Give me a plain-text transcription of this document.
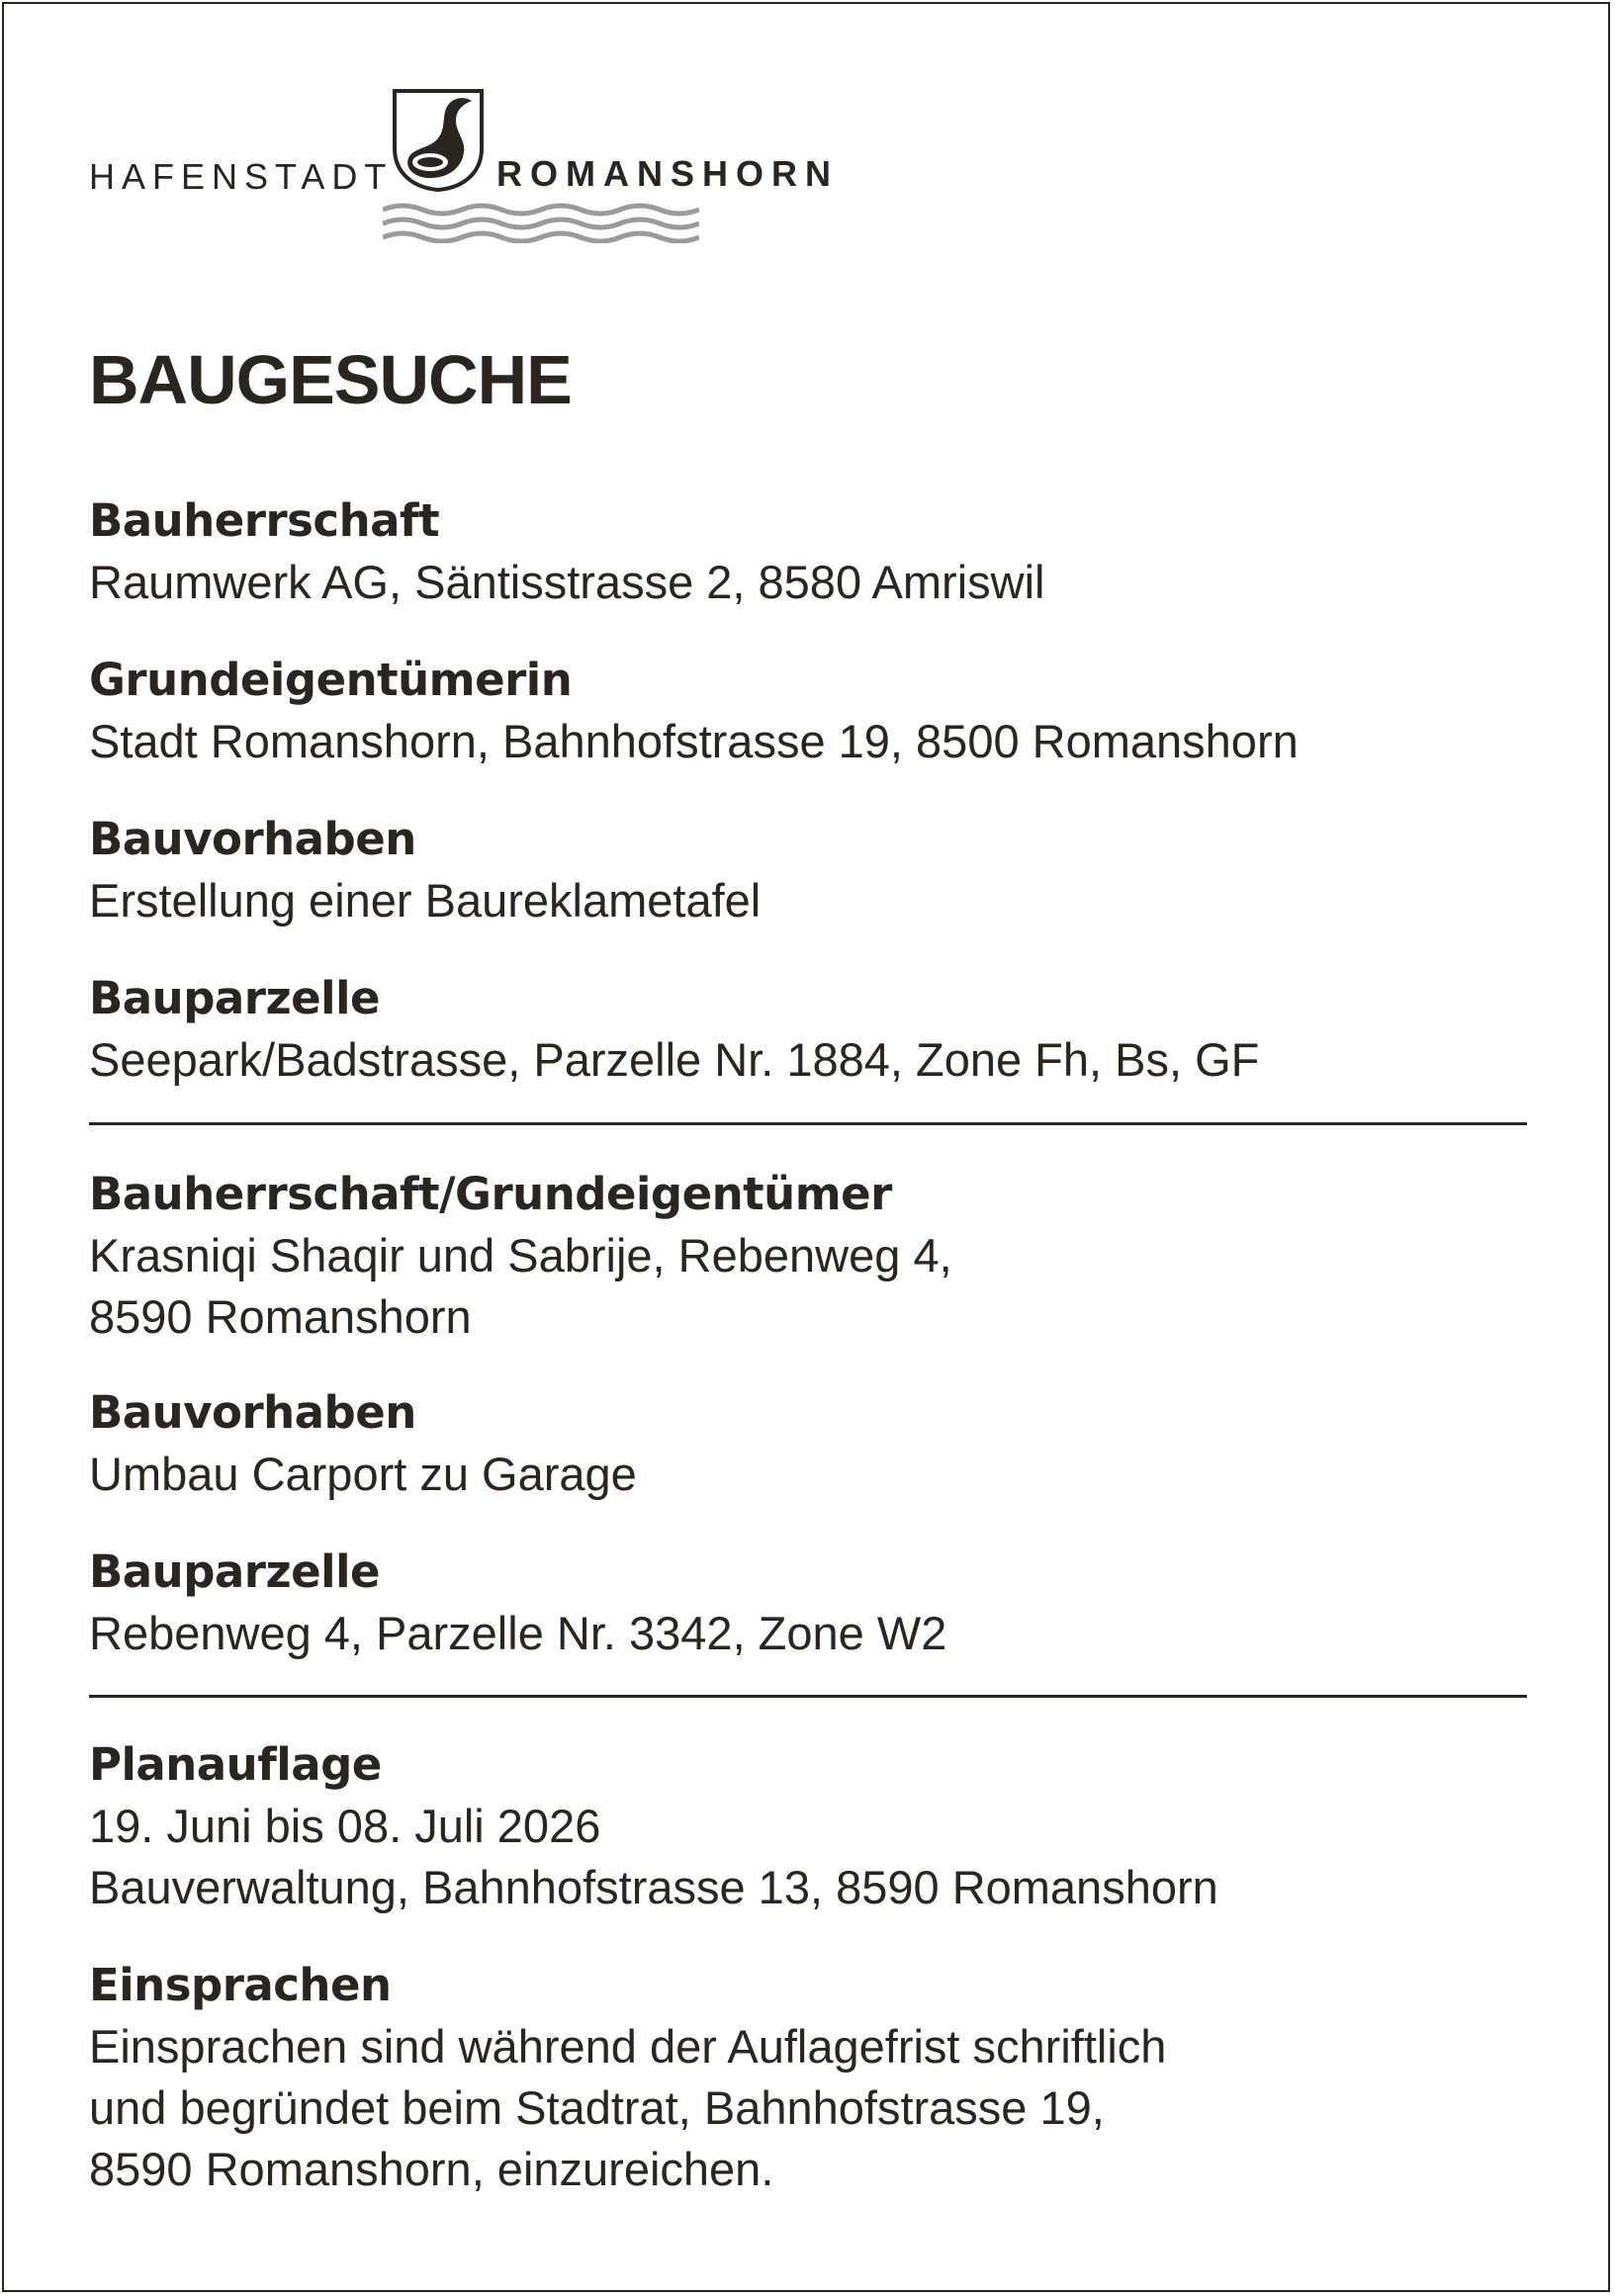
HAFENSTADT	ROMANSHORN
BAUGESUCHE
Bauherrschaft
Raumwerk AG, Säntisstrasse 2, 8580 Amriswil
Grundeigentümerin
Stadt Romanshorn, Bahnhofstrasse 19, 8500 Romanshorn
Bauvorhaben
Erstellung einer Baureklametafel
Bauparzelle
Seepark/Badstrasse, Parzelle Nr. 1884, Zone Fh, Bs, GF
Bauherrschaft/Grundeigentümer
Krasniqi Shaqir und Sabrije, Rebenweg 4,
8590 Romanshorn
Bauvorhaben
Umbau Carport zu Garage
Bauparzelle
Rebenweg 4, Parzelle Nr. 3342, Zone W2
Planauflage
19. Juni bis 08. Juli 2026
Bauverwaltung, Bahnhofstrasse 13, 8590 Romanshorn
Einsprachen
Einsprachen sind während der Auflagefrist schriftlich
und begründet beim Stadtrat, Bahnhofstrasse 19,
8590 Romanshorn, einzureichen.
